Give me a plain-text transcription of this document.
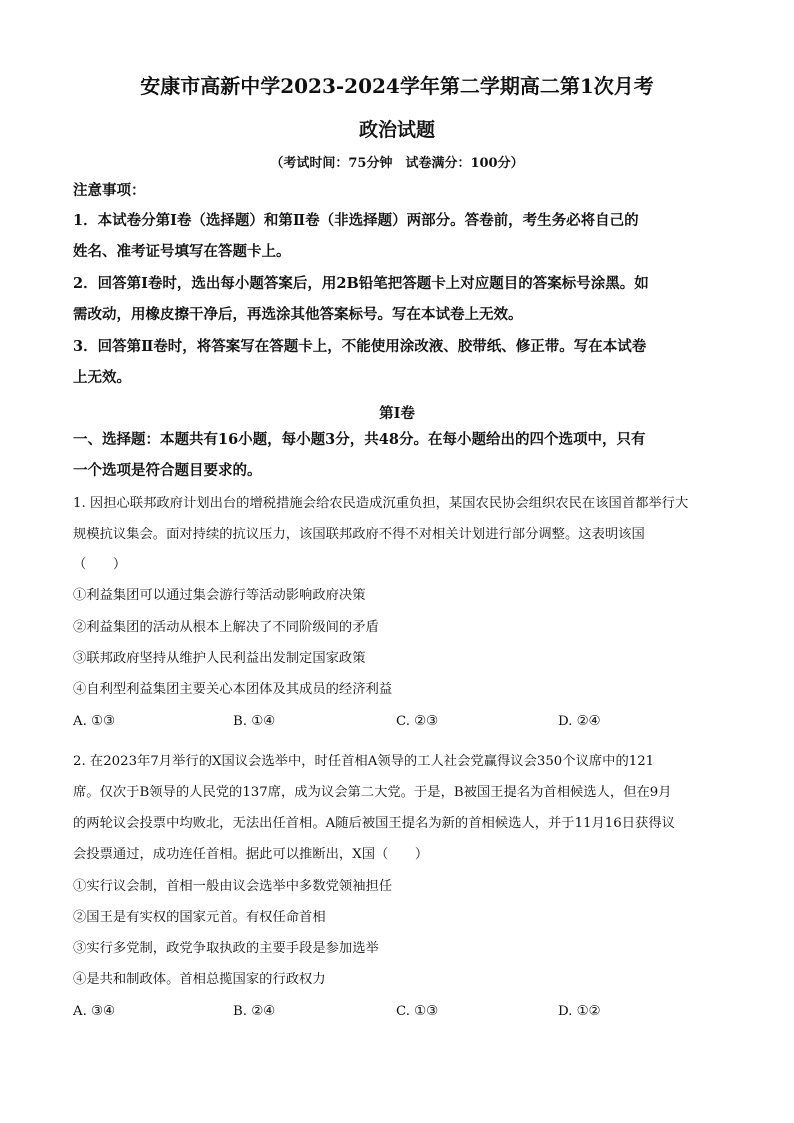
安康市高新中学2023-2024学年第二学期高二第1次月考
政治试题
（考试时间：75分钟　试卷满分：100分）
注意事项：
1．本试卷分第Ⅰ卷（选择题）和第Ⅱ卷（非选择题）两部分。答卷前，考生务必将自己的
姓名、准考证号填写在答题卡上。
2．回答第Ⅰ卷时，选出每小题答案后，用2B铅笔把答题卡上对应题目的答案标号涂黑。如
需改动，用橡皮擦干净后，再选涂其他答案标号。写在本试卷上无效。
3．回答第Ⅱ卷时，将答案写在答题卡上，不能使用涂改液、胶带纸、修正带。写在本试卷
上无效。
第Ⅰ卷
一、选择题：本题共有16小题，每小题3分，共48分。在每小题给出的四个选项中，只有
一个选项是符合题目要求的。
1. 因担心联邦政府计划出台的增税措施会给农民造成沉重负担，某国农民协会组织农民在该国首都举行大
规模抗议集会。面对持续的抗议压力，该国联邦政府不得不对相关计划进行部分调整。这表明该国
（　　）
①利益集团可以通过集会游行等活动影响政府决策
②利益集团的活动从根本上解决了不同阶级间的矛盾
③联邦政府坚持从维护人民利益出发制定国家政策
④自利型利益集团主要关心本团体及其成员的经济利益
A. ①③	B. ①④	C. ②③	D. ②④
2. 在2023年7月举行的X国议会选举中，时任首相A领导的工人社会党赢得议会350个议席中的121
席。仅次于B领导的人民党的137席，成为议会第二大党。于是，B被国王提名为首相候选人，但在9月
的两轮议会投票中均败北，无法出任首相。A随后被国王提名为新的首相候选人，并于11月16日获得议
会投票通过，成功连任首相。据此可以推断出，X国（　　）
①实行议会制，首相一般由议会选举中多数党领袖担任
②国王是有实权的国家元首。有权任命首相
③实行多党制，政党争取执政的主要手段是参加选举
④是共和制政体。首相总揽国家的行政权力
A. ③④	B. ②④	C. ①③	D. ①②
